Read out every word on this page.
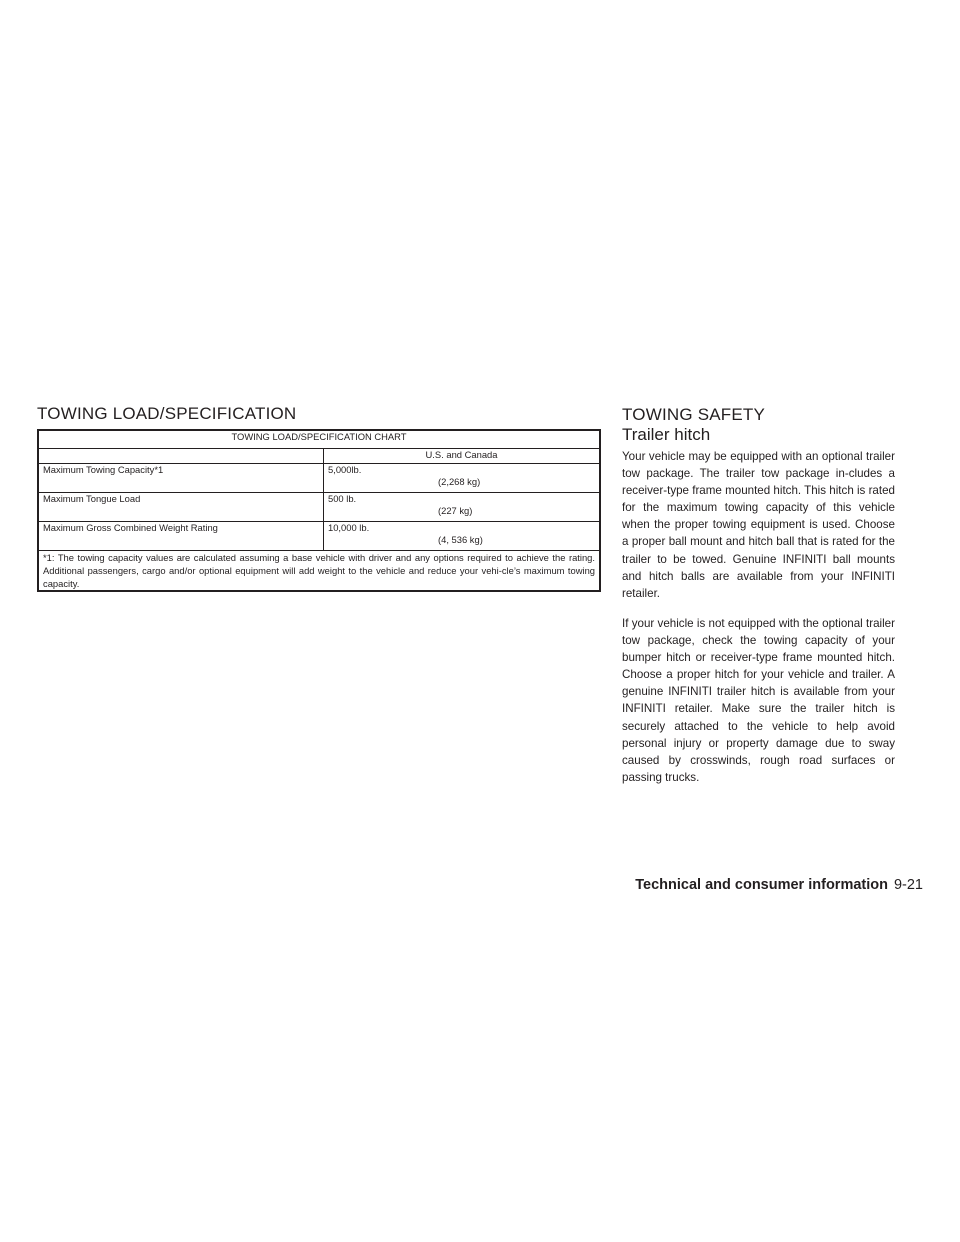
TOWING LOAD/SPECIFICATION
TOWING LOAD/SPECIFICATION CHART	
	U.S. and Canada
Maximum Towing Capacity*1	5,000lb.
(2,268 kg)

Maximum Tongue Load	500 lb.
(227 kg)

Maximum Gross Combined Weight Rating	10,000 lb.
(4, 536 kg)

*1: The towing capacity values are calculated assuming a base vehicle with driver and any options required to achieve the rating. Additional passengers, cargo and/or optional equipment will add weight to the vehicle and reduce your vehi-cle’s maximum towing capacity.	
TOWING SAFETY
Trailer hitch

Your vehicle may be equipped with an optional trailer tow package. The trailer tow package in-cludes a receiver-type frame mounted hitch. This hitch is rated for the maximum towing capacity of this vehicle when the proper towing equipment is used. Choose a proper ball mount and hitch ball that is rated for the trailer to be towed. Genuine INFINITI ball mounts and hitch balls are available from your INFINITI retailer.

If your vehicle is not equipped with the optional trailer tow package, check the towing capacity of your bumper hitch or receiver-type frame mounted hitch. Choose a proper hitch for your vehicle and trailer. A genuine INFINITI trailer hitch is available from your INFINITI retailer. Make sure the trailer hitch is securely attached to the vehicle to help avoid personal injury or property damage due to sway caused by crosswinds, rough road surfaces or passing trucks.

Technical and consumer information 9-21
